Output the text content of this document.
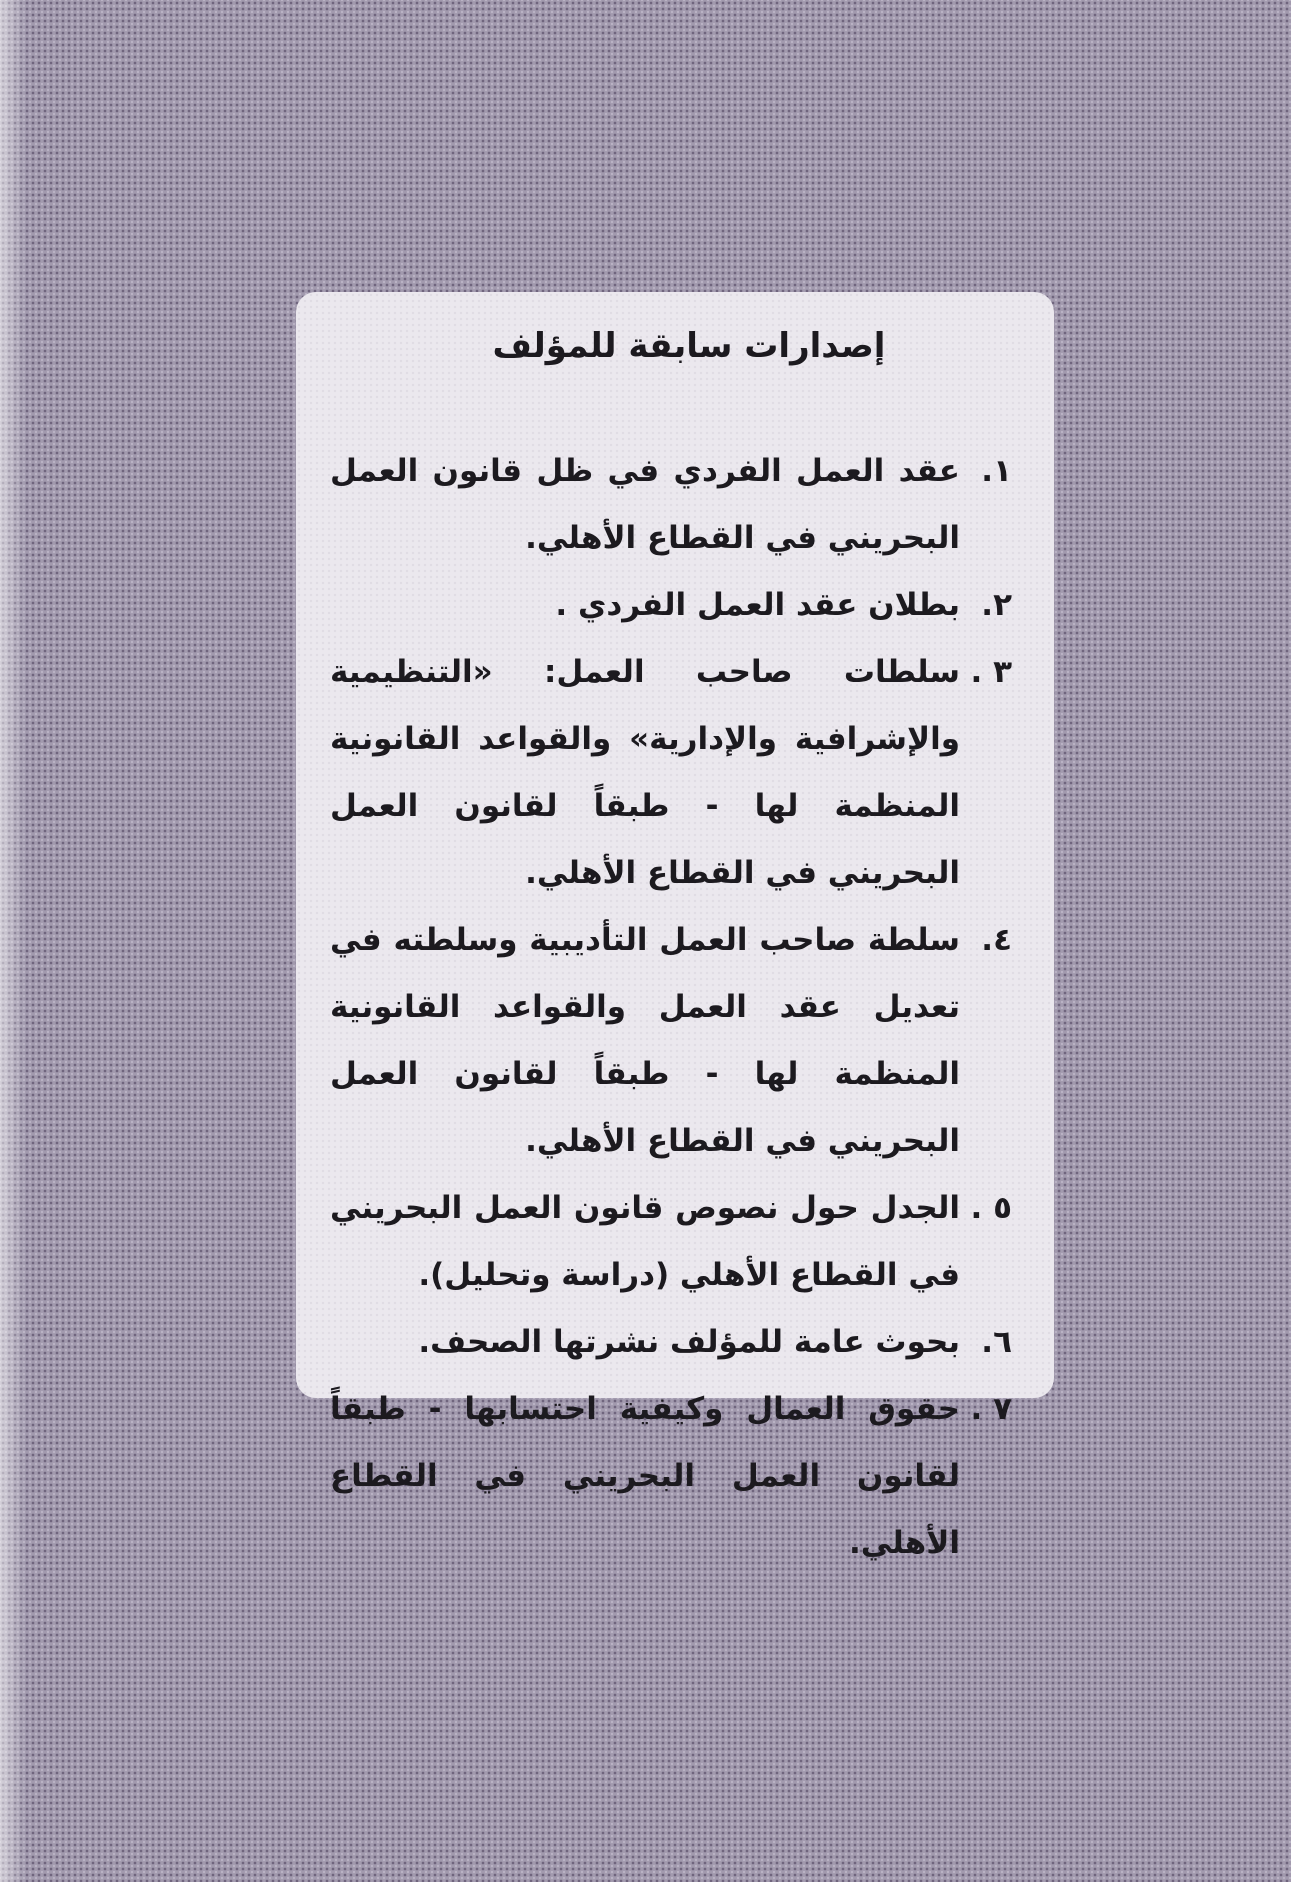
إصدارات سابقة للمؤلف
١.
عقد العمل الفردي في ظل قانون العمل البحريني في القطاع الأهلي.
٢.
بطلان عقد العمل الفردي .
٣ .
سلطات صاحب العمل: «التنظيمية والإشرافية والإدارية» والقواعد القانونية المنظمة لها - طبقاً لقانون العمل البحريني في القطاع الأهلي.
٤.
سلطة صاحب العمل التأديبية وسلطته في تعديل عقد العمل والقواعد القانونية المنظمة لها - طبقاً لقانون العمل البحريني في القطاع الأهلي.
٥ .
الجدل حول نصوص قانون العمل البحريني في القطاع الأهلي (دراسة وتحليل).
٦.
بحوث عامة للمؤلف نشرتها الصحف.
٧ .
حقوق العمال وكيفية احتسابها - طبقاً لقانون العمل البحريني في القطاع الأهلي.
